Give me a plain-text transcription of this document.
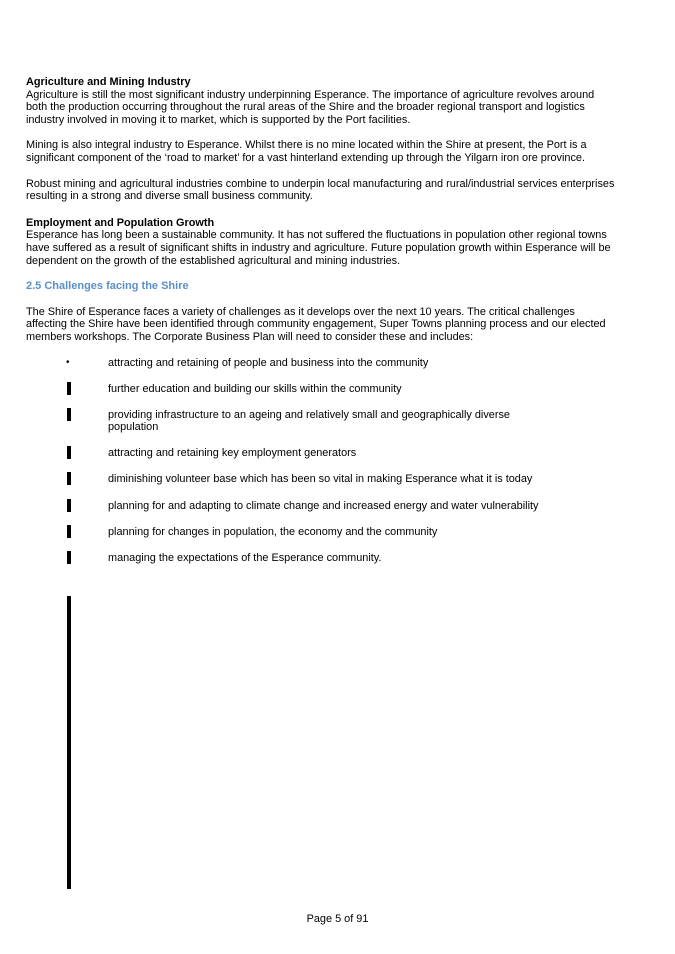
Agriculture and Mining Industry

Agriculture is still the most significant industry underpinning Esperance. The importance of agriculture revolves around both the production occurring throughout the rural areas of the Shire and the broader regional transport and logistics industry involved in moving it to market, which is supported by the Port facilities.

Mining is also integral industry to Esperance. Whilst there is no mine located within the Shire at present, the Port is a significant component of the ‘road to market’ for a vast hinterland extending up through the Yilgarn iron ore province.

Robust mining and agricultural industries combine to underpin local manufacturing and rural/industrial services enterprises resulting in a strong and diverse small business community.

Employment and Population Growth

Esperance has long been a sustainable community. It has not suffered the fluctuations in population other regional towns have suffered as a result of significant shifts in industry and agriculture. Future population growth within Esperance will be dependent on the growth of the established agricultural and mining industries.

2.5 Challenges facing the Shire

The Shire of Esperance faces a variety of challenges as it develops over the next 10 years. The critical challenges affecting the Shire have been identified through community engagement, Super Towns planning process and our elected members workshops. The Corporate Business Plan will need to consider these and includes:

•	attracting and retaining of people and business into the community
further education and building our skills within the community
providing infrastructure to an ageing and relatively small and geographically diverse population
attracting and retaining key employment generators
diminishing volunteer base which has been so vital in making Esperance what it is today
planning for and adapting to climate change and increased energy and water vulnerability
planning for changes in population, the economy and the community
managing the expectations of the Esperance community.
Page 5 of 91
